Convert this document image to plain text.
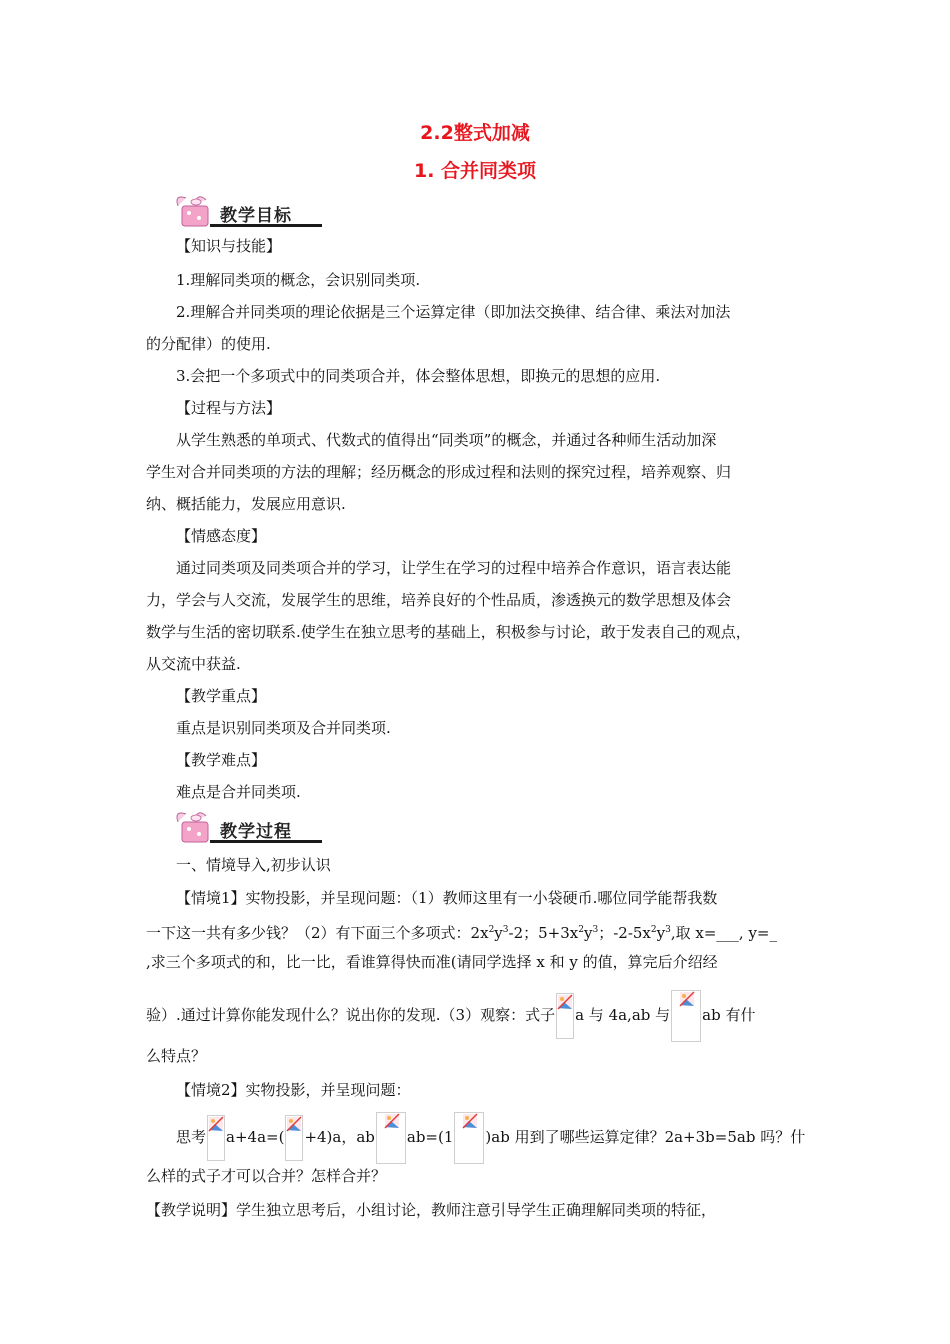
2.2整式加减
1. 合并同类项
教学目标
【知识与技能】
1.理解同类项的概念，会识别同类项.
2.理解合并同类项的理论依据是三个运算定律（即加法交换律、结合律、乘法对加法
的分配律）的使用.
3.会把一个多项式中的同类项合并，体会整体思想，即换元的思想的应用.
【过程与方法】
从学生熟悉的单项式、代数式的值得出“同类项”的概念，并通过各种师生活动加深
学生对合并同类项的方法的理解；经历概念的形成过程和法则的探究过程，培养观察、归
纳、概括能力，发展应用意识.
【情感态度】
通过同类项及同类项合并的学习，让学生在学习的过程中培养合作意识，语言表达能
力，学会与人交流，发展学生的思维，培养良好的个性品质，渗透换元的数学思想及体会
数学与生活的密切联系.使学生在独立思考的基础上，积极参与讨论，敢于发表自己的观点，
从交流中获益.
【教学重点】
重点是识别同类项及合并同类项.
【教学难点】
难点是合并同类项.
教学过程
一、情境导入,初步认识
【情境1】实物投影，并呈现问题：（1）教师这里有一小袋硬币.哪位同学能帮我数
一下这一共有多少钱？（2）有下面三个多项式：$2x^2y^3-2$；$5+3x^2y^3$；$-2-5x^2y^3$,取 x=___, y=_
,求三个多项式的和，比一比，看谁算得快而准(请同学选择 x 和 y 的值，算完后介绍经
验）.通过计算你能发现什么？说出你的发现.（3）观察：式子 a 与 4a,ab 与 ab 有什
么特点？
【情境2】实物投影，并呈现问题：
思考 a+4a=( +4)a，ab ab=(1 )ab 用到了哪些运算定律？2a+3b=5ab 吗？什
么样的式子才可以合并？怎样合并？
【教学说明】学生独立思考后，小组讨论，教师注意引导学生正确理解同类项的特征，
